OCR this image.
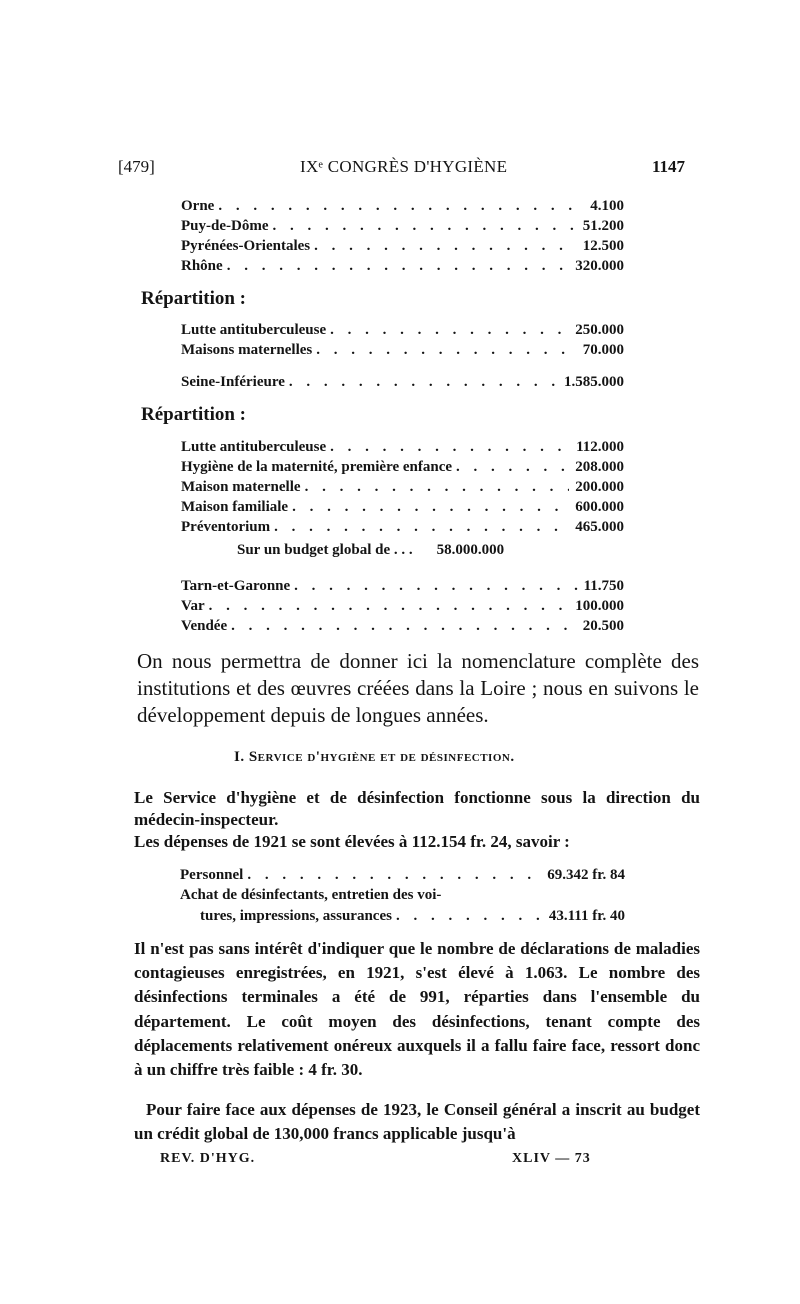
[479]	IXᵉ CONGRÈS D'HYGIÈNE	1147
Orne . . .	4.100
Puy-de-Dôme . . .	51.200
Pyrénées-Orientales . . .	12.500
Rhône . . .	320.000
Répartition :
Lutte antituberculeuse . . .	250.000
Maisons maternelles . . .	70.000
Seine-Inférieure . . .	1.585.000
Répartition :
Lutte antituberculeuse . . .	112.000
Hygiène de la maternité, première enfance . . .	208.000
Maison maternelle . . .	200.000
Maison familiale . . .	600.000
Préventorium . . .	465.000
Sur un budget global de . . . 58.000.000
Tarn-et-Garonne . . .	11.750
Var . . .	100.000
Vendée . . .	20.500
On nous permettra de donner ici la nomenclature complète des institutions et des œuvres créées dans la Loire ; nous en suivons le développement depuis de longues années.
I. Service d'hygiène et de désinfection.
Le Service d'hygiène et de désinfection fonctionne sous la direction du médecin-inspecteur.
Les dépenses de 1921 se sont élevées à 112.154 fr. 24, savoir :
Personnel . . .	69.342 fr. 84
Achat de désinfectants, entretien des voi-
tures, impressions, assurances . . .	43.111 fr. 40
Il n'est pas sans intérêt d'indiquer que le nombre de déclarations de maladies contagieuses enregistrées, en 1921, s'est élevé à 1.063. Le nombre des désinfections terminales a été de 991, réparties dans l'ensemble du département. Le coût moyen des désinfections, tenant compte des déplacements relativement onéreux auxquels il a fallu faire face, ressort donc à un chiffre très faible : 4 fr. 30.
Pour faire face aux dépenses de 1923, le Conseil général a inscrit au budget un crédit global de 130,000 francs applicable jusqu'à
REV. D'HYG.	XLIV — 73
